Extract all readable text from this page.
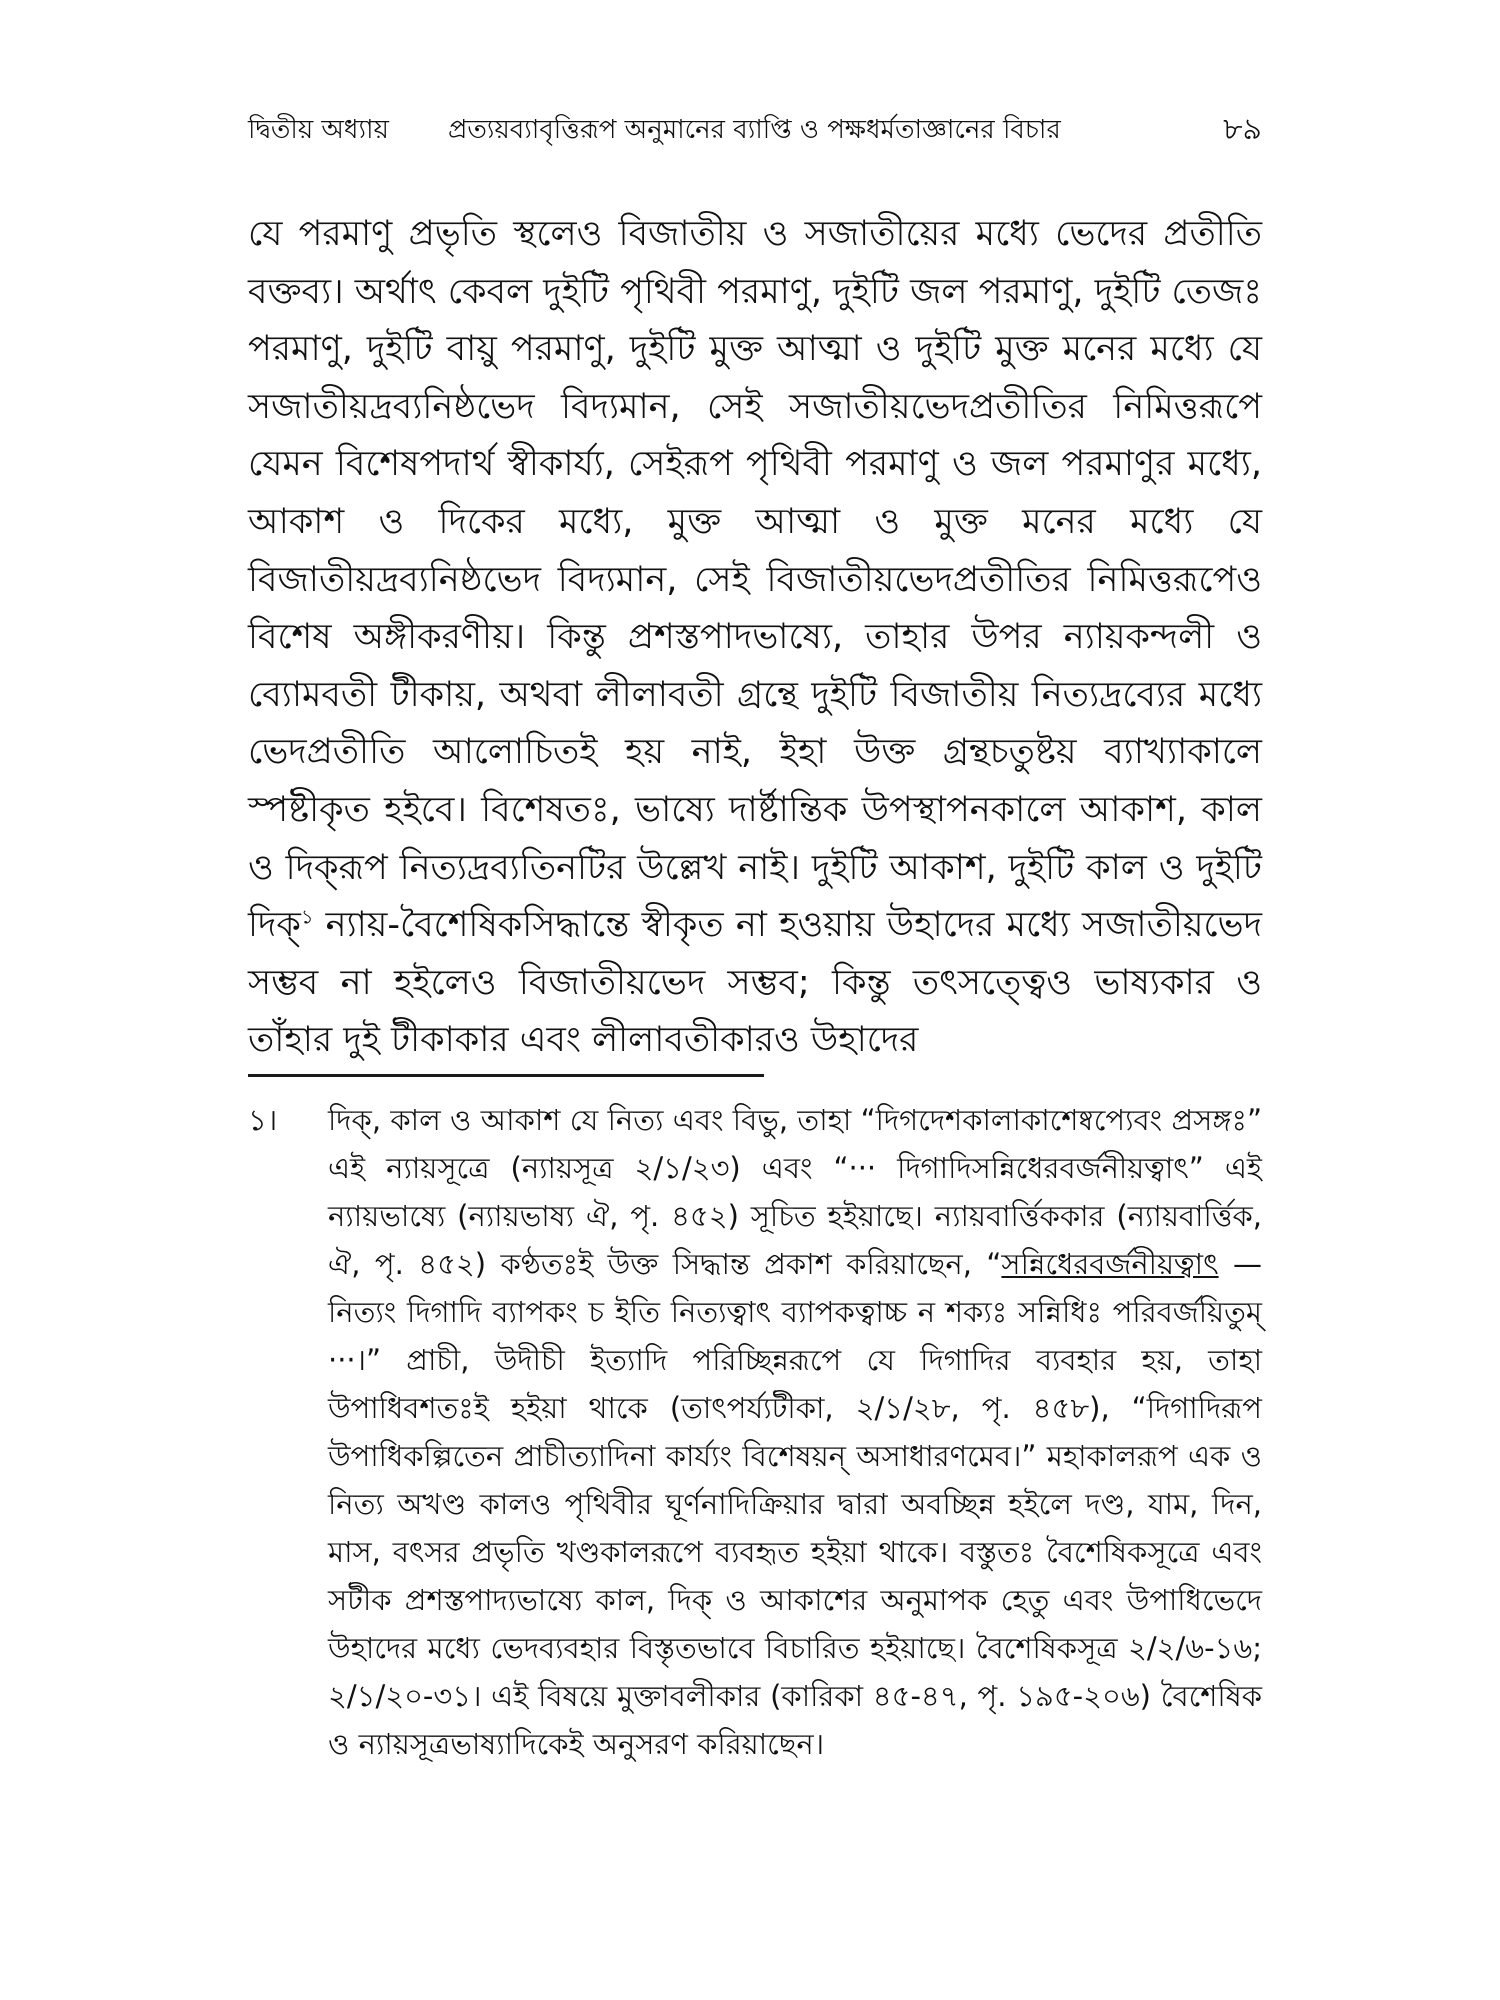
দ্বিতীয় অধ্যায় প্রত্যয়ব্যাবৃত্তিরূপ অনুমানের ব্যাপ্তি ও পক্ষধর্মতাজ্ঞানের বিচার	৮৯

যে পরমাণু প্রভৃতি স্থলেও বিজাতীয় ও সজাতীয়ের মধ্যে ভেদের প্রতীতি বক্তব্য। অর্থাৎ কেবল দুইটি পৃথিবী পরমাণু, দুইটি জল পরমাণু, দুইটি তেজঃ পরমাণু, দুইটি বায়ু পরমাণু, দুইটি মুক্ত আত্মা ও দুইটি মুক্ত মনের মধ্যে যে সজাতীয়দ্রব্যনিষ্ঠভেদ বিদ্যমান, সেই সজাতীয়ভেদপ্রতীতির নিমিত্তরূপে যেমন বিশেষপদার্থ স্বীকার্য্য, সেইরূপ পৃথিবী পরমাণু ও জল পরমাণুর মধ্যে, আকাশ ও দিকের মধ্যে, মুক্ত আত্মা ও মুক্ত মনের মধ্যে যে বিজাতীয়দ্রব্যনিষ্ঠভেদ বিদ্যমান, সেই বিজাতীয়ভেদপ্রতীতির নিমিত্তরূপেও বিশেষ অঙ্গীকরণীয়। কিন্তু প্রশস্তপাদভাষ্যে, তাহার উপর ন্যায়কন্দলী ও ব্যোমবতী টীকায়, অথবা লীলাবতী গ্রন্থে দুইটি বিজাতীয় নিত্যদ্রব্যের মধ্যে ভেদপ্রতীতি আলোচিতই হয় নাই, ইহা উক্ত গ্রন্থচতুষ্টয় ব্যাখ্যাকালে স্পষ্টীকৃত হইবে। বিশেষতঃ, ভাষ্যে দার্ষ্টান্তিক উপস্থাপনকালে আকাশ, কাল ও দিক্‌রূপ নিত্যদ্রব্যতিনটির উল্লেখ নাই। দুইটি আকাশ, দুইটি কাল ও দুইটি দিক্$^১$ ন্যায়-বৈশেষিকসিদ্ধান্তে স্বীকৃত না হওয়ায় উহাদের মধ্যে সজাতীয়ভেদ সম্ভব না হইলেও বিজাতীয়ভেদ সম্ভব; কিন্তু তৎসত্ত্বেও ভাষ্যকার ও তাঁহার দুই টীকাকার এবং লীলাবতীকারও উহাদের

১। দিক্, কাল ও আকাশ যে নিত্য এবং বিভু, তাহা “দিগদেশকালাকাশেষ্বপ্যেবং প্রসঙ্গঃ” এই ন্যায়সূত্রে (ন্যায়সূত্র ২/১/২৩) এবং “··· দিগাদিসন্নিধেরবর্জনীয়ত্বাৎ” এই ন্যায়ভাষ্যে (ন্যায়ভাষ্য ঐ, পৃ. ৪৫২) সূচিত হইয়াছে। ন্যায়বার্ত্তিককার (ন্যায়বার্ত্তিক, ঐ, পৃ. ৪৫২) কণ্ঠতঃই উক্ত সিদ্ধান্ত প্রকাশ করিয়াছেন, “সন্নিধেরবর্জনীয়ত্বাৎ — নিত্যং দিগাদি ব্যাপকং চ ইতি নিত্যত্বাৎ ব্যাপকত্বাচ্চ ন শক্যঃ সন্নিধিঃ পরিবর্জয়িতুম্ ···।” প্রাচী, উদীচী ইত্যাদি পরিচ্ছিন্নরূপে যে দিগাদির ব্যবহার হয়, তাহা উপাধিবশতঃই হইয়া থাকে (তাৎপর্য্যটীকা, ২/১/২৮, পৃ. ৪৫৮), “দিগাদিরূপ উপাধিকল্পিতেন প্রাচীত্যাদিনা কার্য্যং বিশেষয়ন্ অসাধারণমেব।” মহাকালরূপ এক ও নিত্য অখণ্ড কালও পৃথিবীর ঘূর্ণনাদিক্রিয়ার দ্বারা অবচ্ছিন্ন হইলে দণ্ড, যাম, দিন, মাস, বৎসর প্রভৃতি খণ্ডকালরূপে ব্যবহৃত হইয়া থাকে। বস্তুতঃ বৈশেষিকসূত্রে এবং সটীক প্রশস্তপাদ্যভাষ্যে কাল, দিক্ ও আকাশের অনুমাপক হেতু এবং উপাধিভেদে উহাদের মধ্যে ভেদব্যবহার বিস্তৃতভাবে বিচারিত হইয়াছে। বৈশেষিকসূত্র ২/২/৬-১৬; ২/১/২০-৩১। এই বিষয়ে মুক্তাবলীকার (কারিকা ৪৫-৪৭, পৃ. ১৯৫-২০৬) বৈশেষিক ও ন্যায়সূত্রভাষ্যাদিকেই অনুসরণ করিয়াছেন।
